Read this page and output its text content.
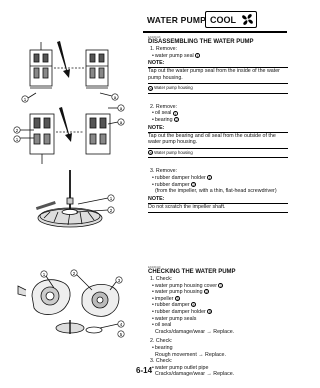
WATER PUMP COOL
1	a
2
1
a
a
1
2
1	2
3
4
5
EAS00416
DISASSEMBLING THE WATER PUMP
1. Remove:
• water pump seal 1
NOTE:
Tap out the water pump seal from the inside of the water pump housing.
a Water pump housing
2. Remove:
• oil seal 1
• bearing 2
NOTE:
Tap out the bearing and oil seal from the outside of the water pump housing.
a Water pump housing
3. Remove:
• rubber damper holder 1
• rubber damper 2
(from the impeller, with a thin, flat-head screwdriver)
NOTE:
Do not scratch the impeller shaft.
EAS00419
CHECKING THE WATER PUMP
1. Check:
• water pump housing cover 1
• water pump housing 2
• impeller 3
• rubber damper 4
• rubber damper holder 5
• water pump seals
• oil seal
Cracks/damage/wear → Replace.
2. Check:
• bearing
Rough movement → Replace.
3. Check:
• water pump outlet pipe
Cracks/damage/wear → Replace.
6-14
